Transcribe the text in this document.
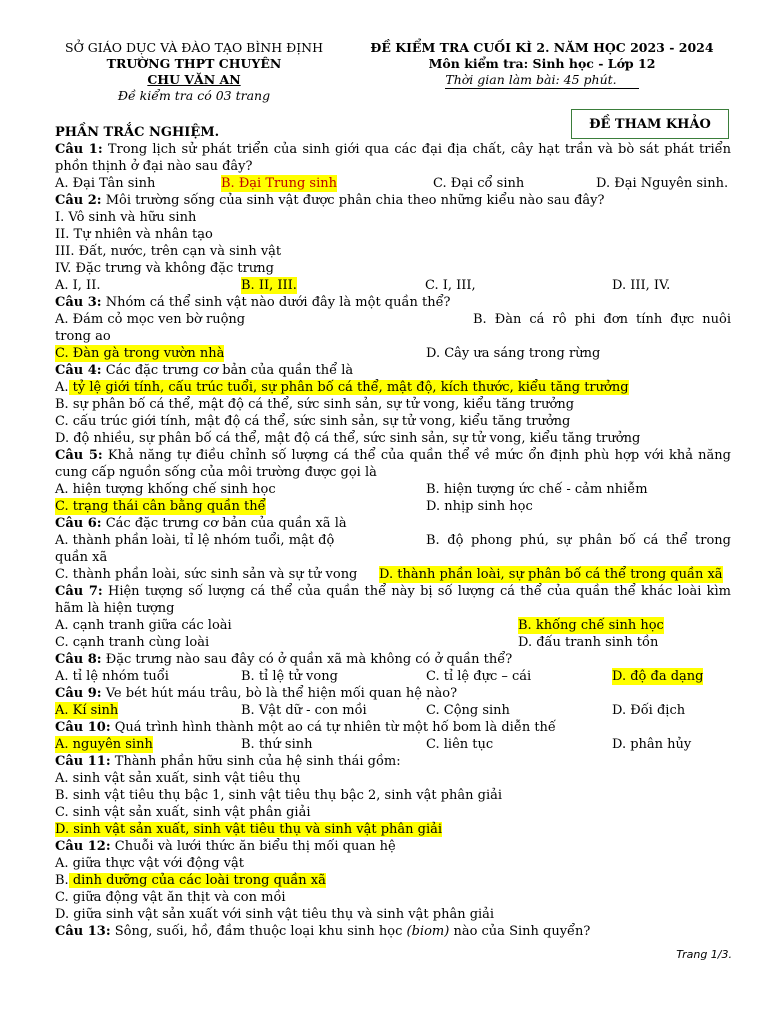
SỞ GIÁO DỤC VÀ ĐÀO TẠO BÌNH ĐỊNH
TRƯỜNG THPT CHUYÊN
CHU VĂN AN
Đề kiểm tra có 03 trang
ĐỀ KIỂM TRA CUỐI KÌ 2. NĂM HỌC 2023 - 2024
Môn kiểm tra: Sinh học - Lớp 12
Thời gian làm bài: 45 phút.
ĐỀ THAM KHẢO
PHẦN TRẮC NGHIỆM.
Câu 1: Trong lịch sử phát triển của sinh giới qua các đại địa chất, cây hạt trần và bò sát phát triển phồn thịnh ở đại nào sau đây?
A. Đại Tân sinh	B. Đại Trung sinh	C. Đại cổ sinh	D. Đại Nguyên sinh.
Câu 2: Môi trường sống của sinh vật được phân chia theo những kiểu nào sau đây?
I. Vô sinh và hữu sinh
II. Tự nhiên và nhân tạo
III. Đất, nước, trên cạn và sinh vật
IV. Đặc trưng và không đặc trưng
A. I, II.	B. II, III.	C. I, III,	D. III, IV.
Câu 3: Nhóm cá thể sinh vật nào dưới đây là một quần thể?
A. Đám cỏ mọc ven bờ ruộng	B. Đàn cá rô phi đơn tính đực nuôi
trong ao
C. Đàn gà trong vườn nhà	D. Cây ưa sáng trong rừng
Câu 4: Các đặc trưng cơ bản của quần thể là
A. tỷ lệ giới tính, cấu trúc tuổi, sự phân bố cá thể, mật độ, kích thước, kiểu tăng trưởng
B. sự phân bố cá thể, mật độ cá thể, sức sinh sản, sự tử vong, kiểu tăng trưởng
C. cấu trúc giới tính, mật độ cá thể, sức sinh sản, sự tử vong, kiểu tăng trưởng
D. độ nhiều, sự phân bố cá thể, mật độ cá thể, sức sinh sản, sự tử vong, kiểu tăng trưởng
Câu 5: Khả năng tự điều chỉnh số lượng cá thể của quần thể về mức ổn định phù hợp với khả năng cung cấp nguồn sống của môi trường được gọi là
A. hiện tượng khống chế sinh học	B. hiện tượng ức chế - cảm nhiễm
C. trạng thái cân bằng quần thể	D. nhịp sinh học
Câu 6: Các đặc trưng cơ bản của quần xã là
A. thành phần loài, tỉ lệ nhóm tuổi, mật độ	B. độ phong phú, sự phân bố cá thể trong
quần xã
C. thành phần loài, sức sinh sản và sự tử vong D. thành phần loài, sự phân bố cá thể trong quần xã
Câu 7: Hiện tượng số lượng cá thể của quần thể này bị số lượng cá thể của quần thể khác loài kìm hãm là hiện tượng
A. cạnh tranh giữa các loài	B. khống chế sinh học
C. cạnh tranh cùng loài	D. đấu tranh sinh tồn
Câu 8: Đặc trưng nào sau đây có ở quần xã mà không có ở quần thể?
A. tỉ lệ nhóm tuổi	B. tỉ lệ tử vong	C. tỉ lệ đực – cái	D. độ đa dạng
Câu 9: Ve bét hút máu trâu, bò là thể hiện mối quan hệ nào?
A. Kí sinh	B. Vật dữ - con mồi	C. Cộng sinh	D. Đối địch
Câu 10: Quá trình hình thành một ao cá tự nhiên từ một hố bom là diễn thế
A. nguyên sinh	B. thứ sinh	C. liên tục	D. phân hủy
Câu 11: Thành phần hữu sinh của hệ sinh thái gồm:
A. sinh vật sản xuất, sinh vật tiêu thụ
B. sinh vật tiêu thụ bậc 1, sinh vật tiêu thụ bậc 2, sinh vật phân giải
C. sinh vật sản xuất, sinh vật phân giải
D. sinh vật sản xuất, sinh vật tiêu thụ và sinh vật phân giải
Câu 12: Chuỗi và lưới thức ăn biểu thị mối quan hệ
A. giữa thực vật với động vật
B. dinh dưỡng của các loài trong quần xã
C. giữa động vật ăn thịt và con mồi
D. giữa sinh vật sản xuất với sinh vật tiêu thụ và sinh vật phân giải
Câu 13: Sông, suối, hồ, đầm thuộc loại khu sinh học (biom) nào của Sinh quyển?
Trang 1/3.
